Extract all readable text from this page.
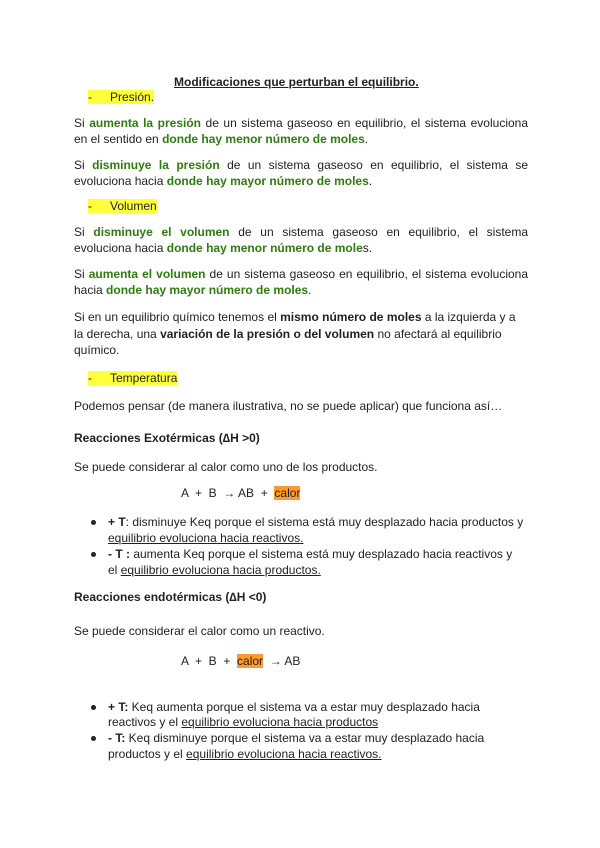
Modificaciones que perturban el equilibrio.
- Presión.
Si aumenta la presión de un sistema gaseoso en equilibrio, el sistema evoluciona
en el sentido en donde hay menor número de moles.
Si disminuye la presión de un sistema gaseoso en equilibrio, el sistema se
evoluciona hacia donde hay mayor número de moles.
- Volumen
Si disminuye el volumen de un sistema gaseoso en equilibrio, el sistema
evoluciona hacia donde hay menor número de moles.
Si aumenta el volumen de un sistema gaseoso en equilibrio, el sistema evoluciona
hacia donde hay mayor número de moles.
Si en un equilibrio químico tenemos el mismo número de moles a la izquierda y a
la derecha, una variación de la presión o del volumen no afectará al equilibrio
químico.
- Temperatura
Podemos pensar (de manera ilustrativa, no se puede aplicar) que funciona así…
Reacciones Exotérmicas (∆H >0)
Se puede considerar al calor como uno de los productos.
A  +  B  → AB  +  calor
+ T: disminuye Keq porque el sistema está muy desplazado hacia productos y
equilibrio evoluciona hacia reactivos.
- T : aumenta Keq porque el sistema está muy desplazado hacia reactivos y
el equilibrio evoluciona hacia productos.
Reacciones endotérmicas (∆H <0)
Se puede considerar el calor como un reactivo.
A  +  B  +  calor  → AB
+ T: Keq aumenta porque el sistema va a estar muy desplazado hacia
reactivos y el equilibrio evoluciona hacia productos
- T: Keq disminuye porque el sistema va a estar muy desplazado hacia
productos y el equilibrio evoluciona hacia reactivos.
